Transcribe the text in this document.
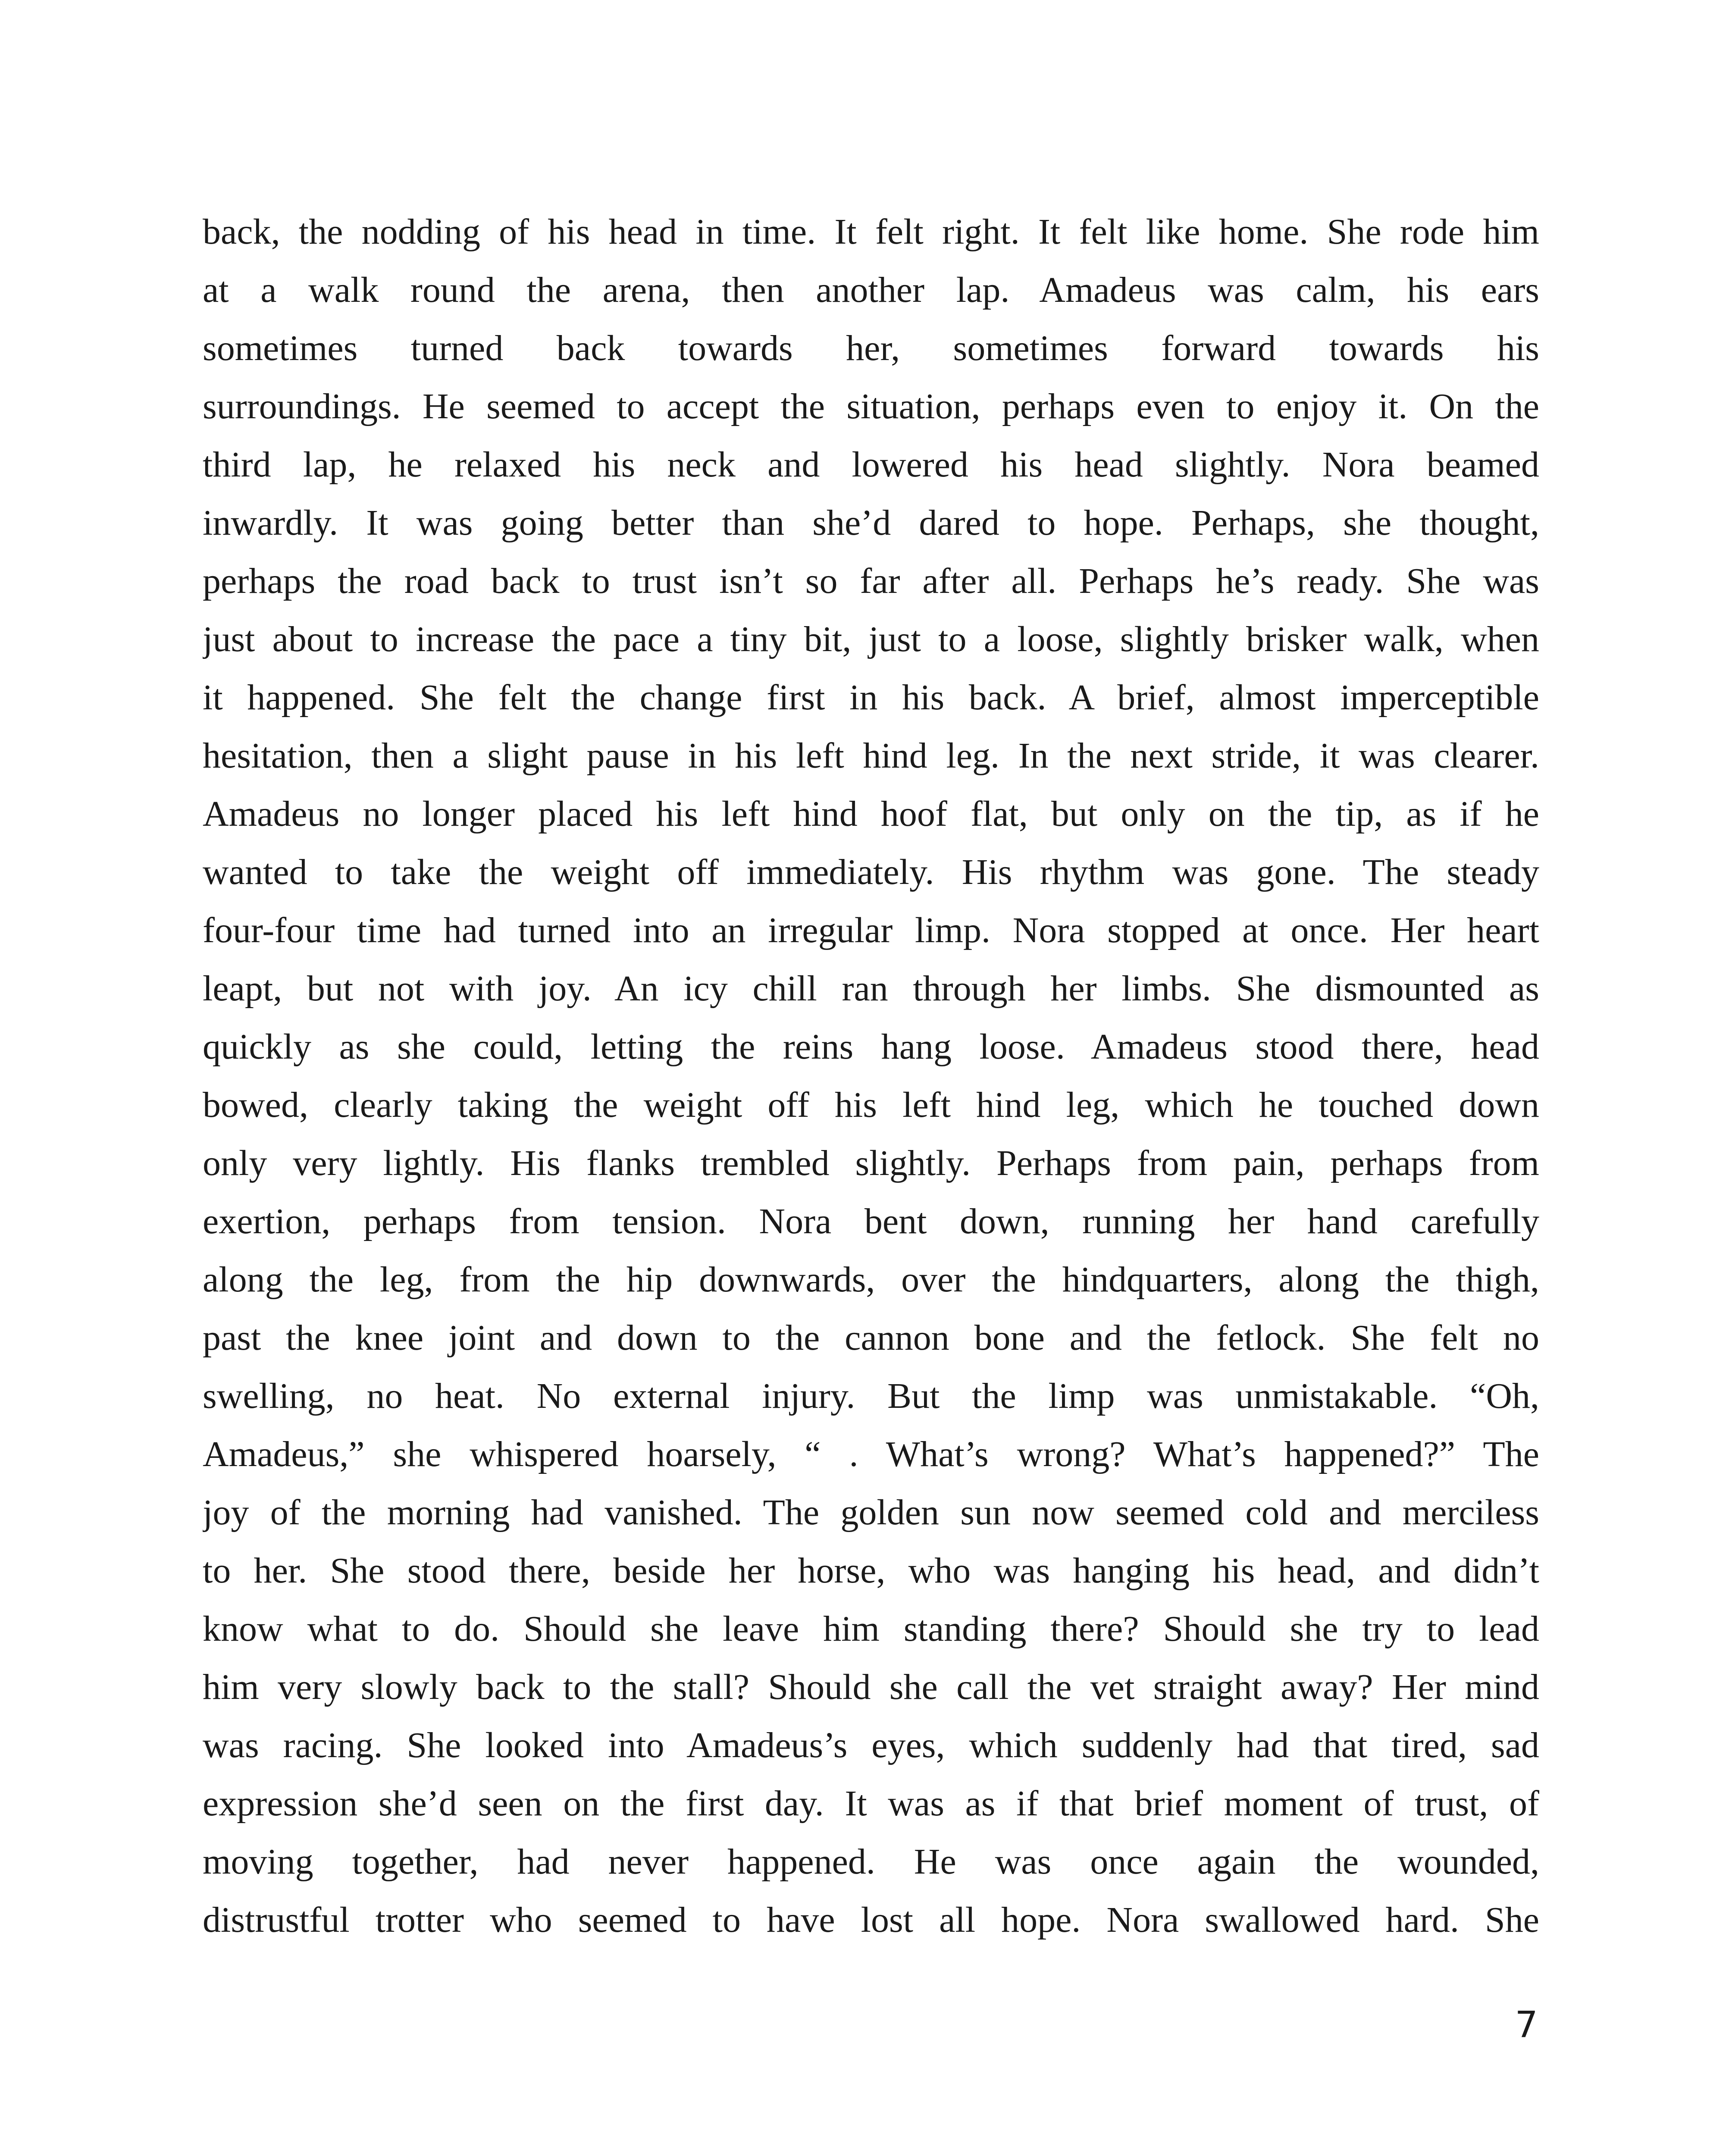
back, the nodding of his head in time. It felt right. It felt like home. She rode him
at a walk round the arena, then another lap. Amadeus was calm, his ears
sometimes turned back towards her, sometimes forward towards his
surroundings. He seemed to accept the situation, perhaps even to enjoy it. On the
third lap, he relaxed his neck and lowered his head slightly. Nora beamed
inwardly. It was going better than she’d dared to hope. Perhaps, she thought,
perhaps the road back to trust isn’t so far after all. Perhaps he’s ready. She was
just about to increase the pace a tiny bit, just to a loose, slightly brisker walk, when
it happened. She felt the change first in his back. A brief, almost imperceptible
hesitation, then a slight pause in his left hind leg. In the next stride, it was clearer.
Amadeus no longer placed his left hind hoof flat, but only on the tip, as if he
wanted to take the weight off immediately. His rhythm was gone. The steady
four-four time had turned into an irregular limp. Nora stopped at once. Her heart
leapt, but not with joy. An icy chill ran through her limbs. She dismounted as
quickly as she could, letting the reins hang loose. Amadeus stood there, head
bowed, clearly taking the weight off his left hind leg, which he touched down
only very lightly. His flanks trembled slightly. Perhaps from pain, perhaps from
exertion, perhaps from tension. Nora bent down, running her hand carefully
along the leg, from the hip downwards, over the hindquarters, along the thigh,
past the knee joint and down to the cannon bone and the fetlock. She felt no
swelling, no heat. No external injury. But the limp was unmistakable. “Oh,
Amadeus,” she whispered hoarsely, “ . What’s wrong? What’s happened?” The
joy of the morning had vanished. The golden sun now seemed cold and merciless
to her. She stood there, beside her horse, who was hanging his head, and didn’t
know what to do. Should she leave him standing there? Should she try to lead
him very slowly back to the stall? Should she call the vet straight away? Her mind
was racing. She looked into Amadeus’s eyes, which suddenly had that tired, sad
expression she’d seen on the first day. It was as if that brief moment of trust, of
moving together, had never happened. He was once again the wounded,
distrustful trotter who seemed to have lost all hope. Nora swallowed hard. She
7
